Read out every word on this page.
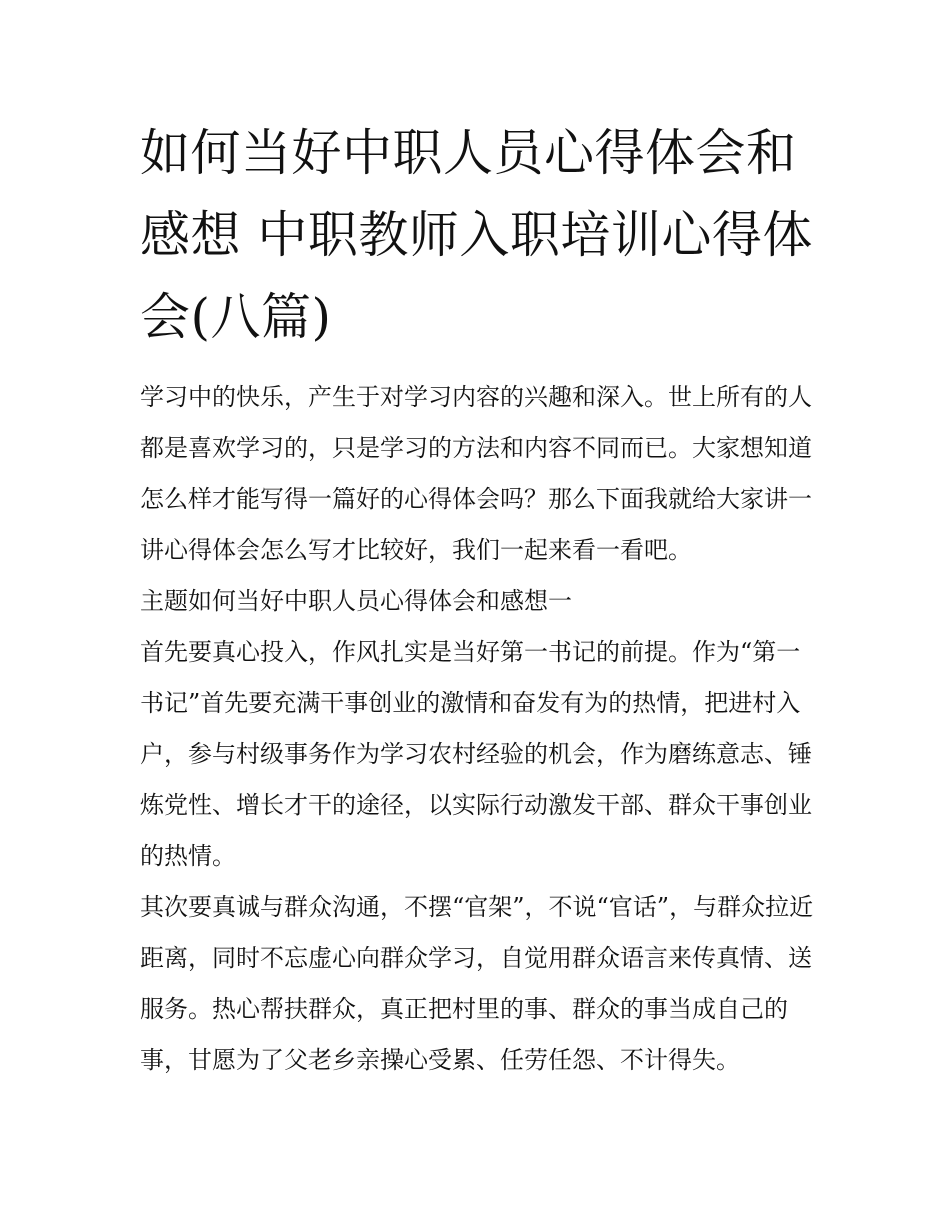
如何当好中职人员心得体会和感想 中职教师入职培训心得体会(八篇)

学习中的快乐，产生于对学习内容的兴趣和深入。世上所有的人都是喜欢学习的，只是学习的方法和内容不同而已。大家想知道怎么样才能写得一篇好的心得体会吗？那么下面我就给大家讲一讲心得体会怎么写才比较好，我们一起来看一看吧。

主题如何当好中职人员心得体会和感想一

首先要真心投入，作风扎实是当好第一书记的前提。作为“第一书记”首先要充满干事创业的激情和奋发有为的热情，把进村入户，参与村级事务作为学习农村经验的机会，作为磨练意志、锤炼党性、增长才干的途径，以实际行动激发干部、群众干事创业的热情。

其次要真诚与群众沟通，不摆“官架”，不说“官话”，与群众拉近距离，同时不忘虚心向群众学习，自觉用群众语言来传真情、送服务。热心帮扶群众，真正把村里的事、群众的事当成自己的事，甘愿为了父老乡亲操心受累、任劳任怨、不计得失。
